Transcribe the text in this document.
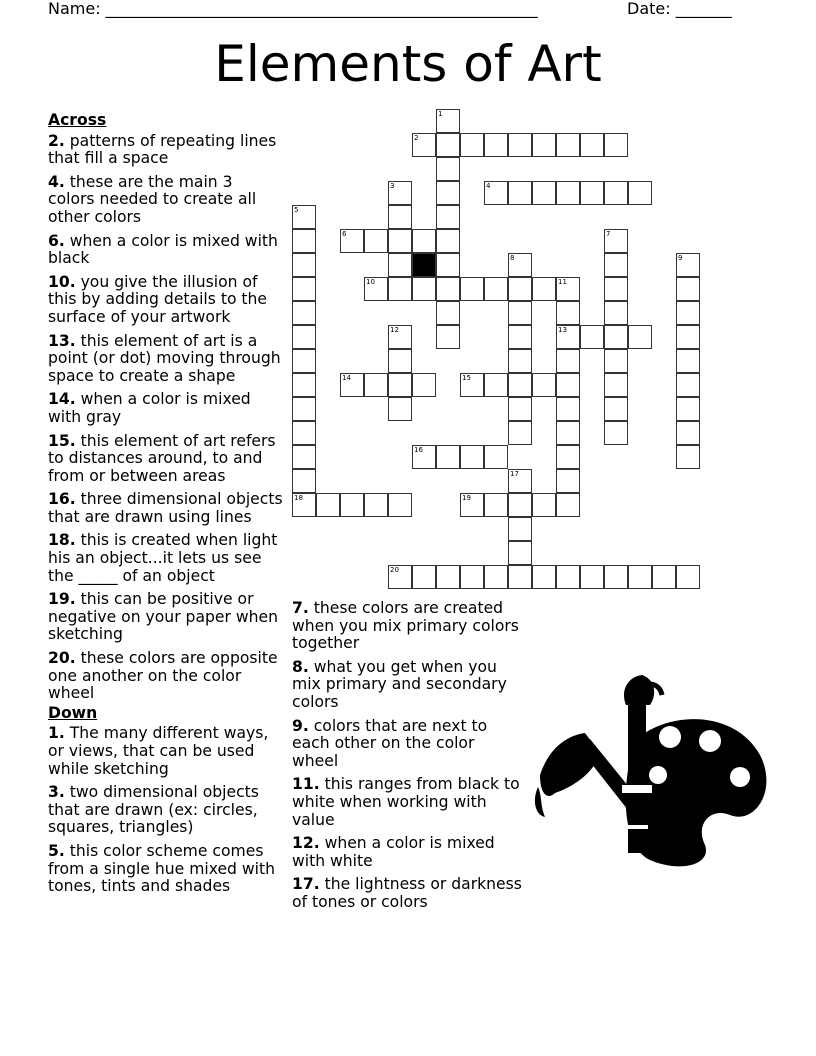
Name: ______________________________________________________	Date: _______
Elements of Art
Across
2. patterns of repeating lines that fill a space
4. these are the main 3 colors needed to create all other colors
6. when a color is mixed with black
10. you give the illusion of this by adding details to the surface of your artwork
13. this element of art is a point (or dot) moving through space to create a shape
14. when a color is mixed with gray
15. this element of art refers to distances around, to and from or between areas
16. three dimensional objects that are drawn using lines
18. this is created when light his an object...it lets us see the _____ of an object
19. this can be positive or negative on your paper when sketching
20. these colors are opposite one another on the color wheel
Down
1. The many different ways, or views, that can be used while sketching
3. two dimensional objects that are drawn (ex: circles, squares, triangles)
5. this color scheme comes from a single hue mixed with tones, tints and shades
7. these colors are created when you mix primary colors together
8. what you get when you mix primary and secondary colors
9. colors that are next to each other on the color wheel
11. this ranges from black to white when working with value
12. when a color is mixed with white
17. the lightness or darkness of tones or colors
2
4
6
10
13
14	15
16
18	19
20
1
3
5
7
8	9
11
12
17
